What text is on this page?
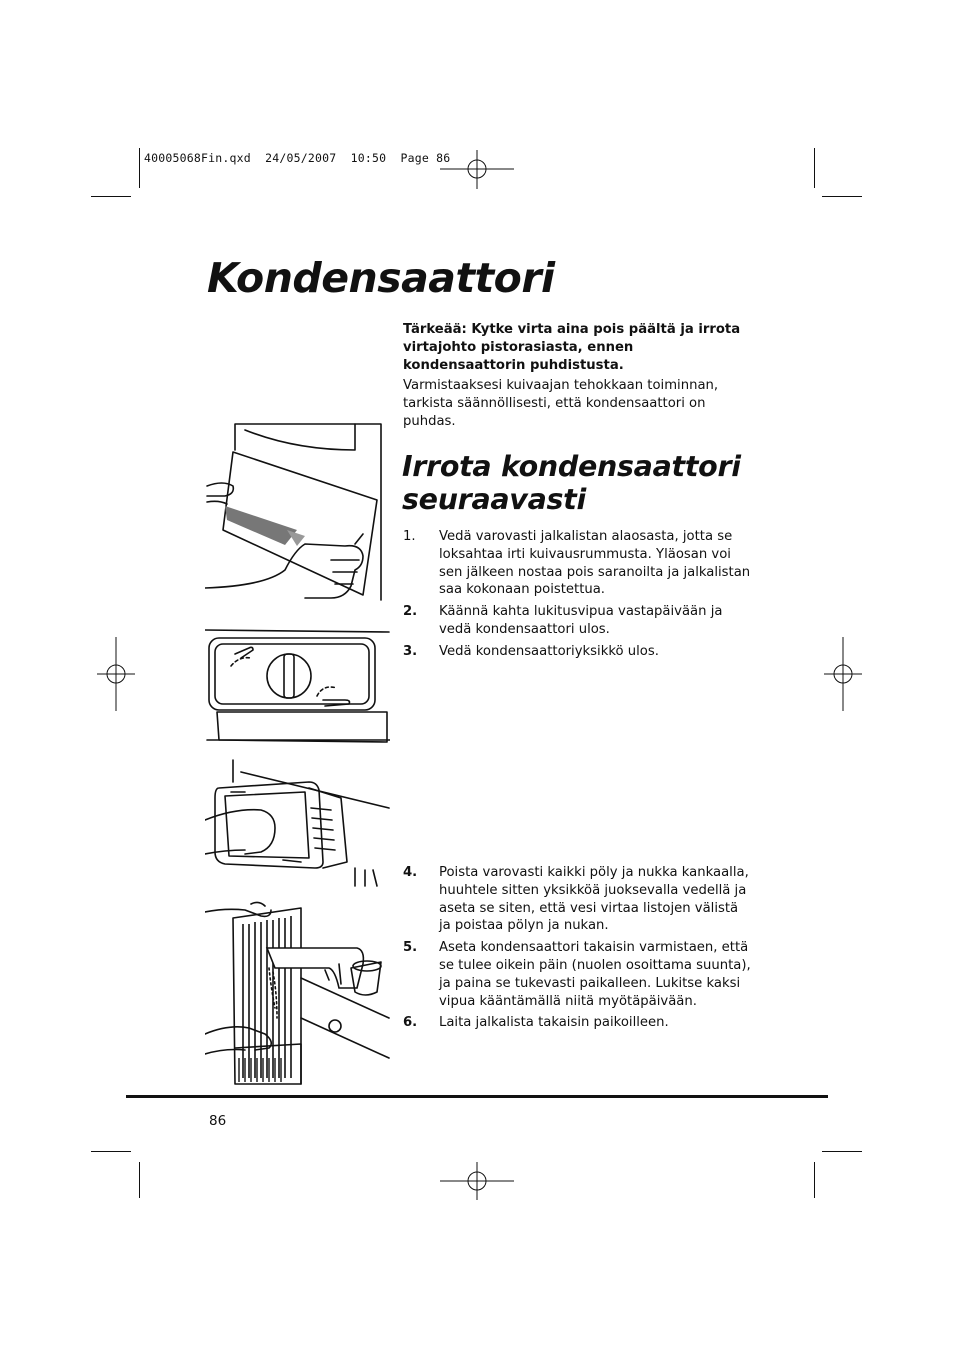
40005068Fin.qxd  24/05/2007  10:50  Page 86
Kondensaattori

Tärkeää: Kytke virta aina pois päältä ja irrota virtajohto pistorasiasta, ennen kondensaattorin puhdistusta.

Varmistaaksesi kuivaajan tehokkaan toiminnan, tarkista säännöllisesti, että kondensaattori on puhdas.

Irrota kondensaattori seuraavasti
1.	Vedä varovasti jalkalistan alaosasta, jotta se loksahtaa irti kuivausrummusta. Yläosan voi sen jälkeen nostaa pois saranoilta ja jalkalistan saa kokonaan poistettua.
2.	Käännä kahta lukitusvipua vastapäivään ja vedä kondensaattori ulos.
3.	Vedä kondensaattoriyksikkö ulos.
4.	Poista varovasti kaikki pöly ja nukka kankaalla, huuhtele sitten yksikköä juoksevalla vedellä ja aseta se siten, että vesi virtaa listojen välistä ja poistaa pölyn ja nukan.
5.	Aseta kondensaattori takaisin varmistaen, että se tulee oikein päin (nuolen osoittama suunta), ja paina se tukevasti paikalleen. Lukitse kaksi vipua kääntämällä niitä myötäpäivään.
6.	Laita jalkalista takaisin paikoilleen.

86
